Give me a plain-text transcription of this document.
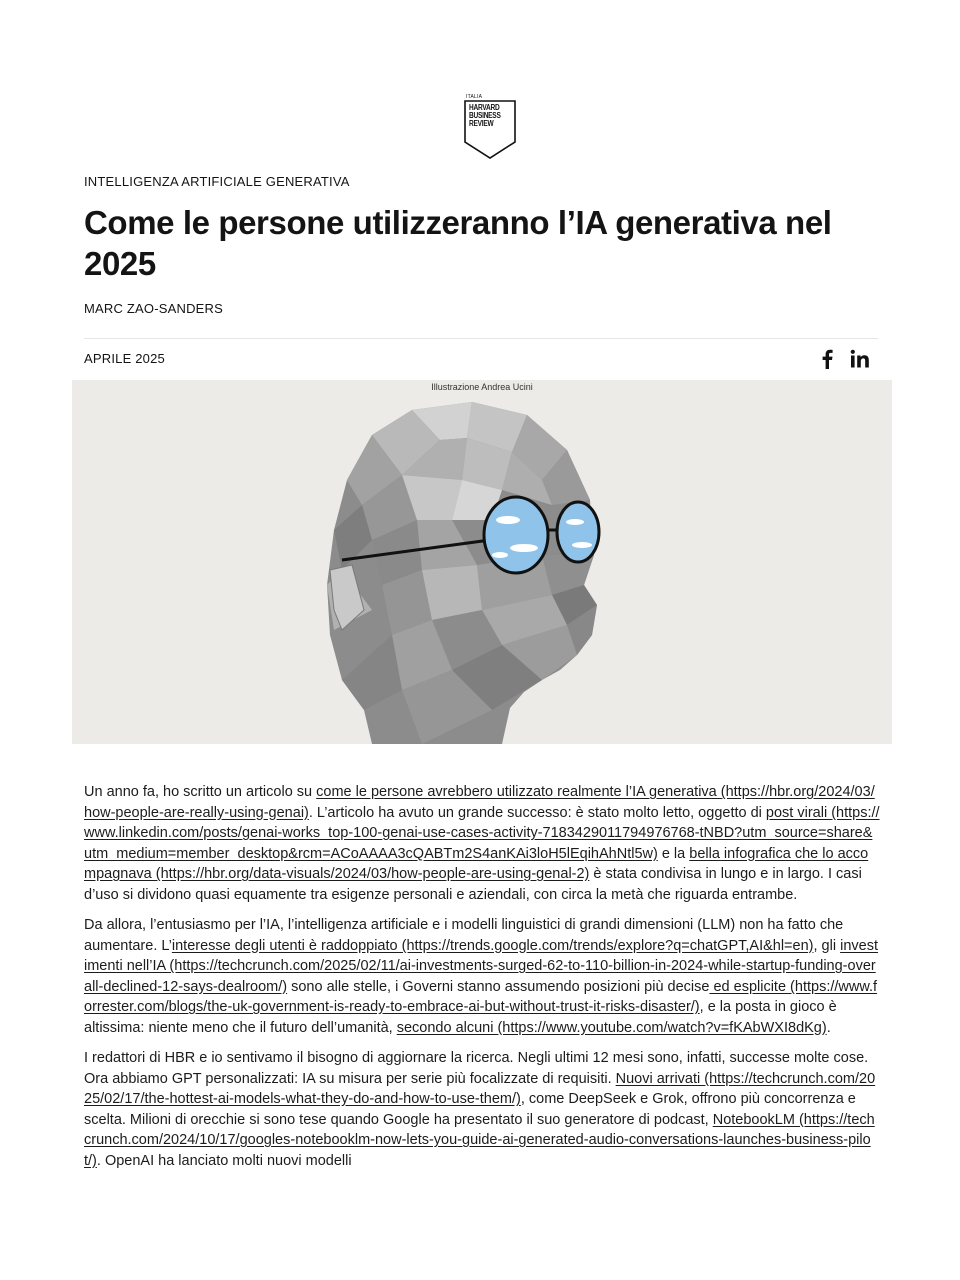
ITALIA
HARVARD
BUSINESS
REVIEW
INTELLIGENZA ARTIFICIALE GENERATIVA
Come le persone utilizzeranno l’IA generativa nel 2025
MARC ZAO-SANDERS
APRILE 2025
Illustrazione Andrea Ucini

Un anno fa, ho scritto un articolo su come le persone avrebbero utilizzato realmente l’IA generativa (https://hbr.org/2024/03/how-people-are-really-using-genai). L’articolo ha avuto un grande successo: è stato molto letto, oggetto di post virali (https://www.linkedin.com/posts/genai-works_top-100-genai-use-cases-activity-7183429011794976768-tNBD?utm_source=share&utm_medium=member_desktop&rcm=ACoAAAA3cQABTm2S4anKAi3loH5lEqihAhNtl5w) e la bella infografica che lo accompagnava (https://hbr.org/data-visuals/2024/03/how-people-are-using-genal-2) è stata condivisa in lungo e in largo. I casi d’uso si dividono quasi equamente tra esigenze personali e aziendali, con circa la metà che riguarda entrambe.

Da allora, l’entusiasmo per l’IA, l’intelligenza artificiale e i modelli linguistici di grandi dimensioni (LLM) non ha fatto che aumentare. L’interesse degli utenti è raddoppiato (https://trends.google.com/trends/explore?q=chatGPT,AI&hl=en), gli investimenti nell’IA (https://techcrunch.com/2025/02/11/ai-investments-surged-62-to-110-billion-in-2024-while-startup-funding-overall-declined-12-says-dealroom/) sono alle stelle, i Governi stanno assumendo posizioni più decise ed esplicite (https://www.forrester.com/blogs/the-uk-government-is-ready-to-embrace-ai-but-without-trust-it-risks-disaster/), e la posta in gioco è altissima: niente meno che il futuro dell’umanità, secondo alcuni (https://www.youtube.com/watch?v=fKAbWXI8dKg).

I redattori di HBR e io sentivamo il bisogno di aggiornare la ricerca. Negli ultimi 12 mesi sono, infatti, successe molte cose. Ora abbiamo GPT personalizzati: IA su misura per serie più focalizzate di requisiti. Nuovi arrivati (https://techcrunch.com/2025/02/17/the-hottest-ai-models-what-they-do-and-how-to-use-them/), come DeepSeek e Grok, offrono più concorrenza e scelta. Milioni di orecchie si sono tese quando Google ha presentato il suo generatore di podcast, NotebookLM (https://techcrunch.com/2024/10/17/googles-notebooklm-now-lets-you-guide-ai-generated-audio-conversations-launches-business-pilot/). OpenAI ha lanciato molti nuovi modelli
